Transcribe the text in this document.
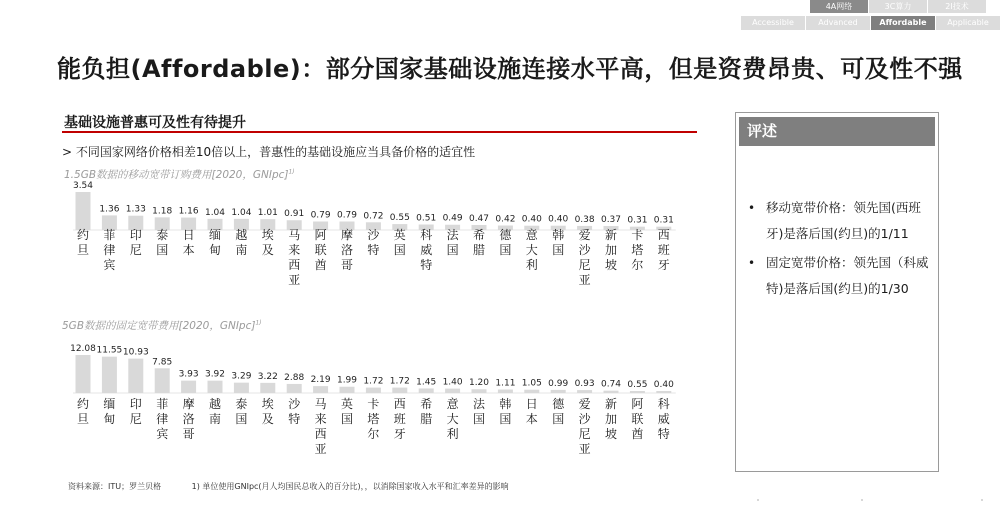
4A网络	3C算力	2I技术
Accessible	Advanced	Affordable	Applicable
能负担(Affordable)：部分国家基础设施连接水平高，但是资费昂贵、可及性不强
基础设施普惠可及性有待提升
> 不同国家网络价格相差10倍以上，普惠性的基础设施应当具备价格的适宜性
1.5GB数据的移动宽带订购费用[2020，GNIpc]$^{1)}$
3.54
约旦
1.36
菲律宾
1.33
印尼
1.18
泰国
1.16
日本
1.04
缅甸
1.04
越南
1.01
埃及
0.91
马来西亚
0.79
阿联酋
0.79
摩洛哥
0.72
沙特
0.55
英国
0.51
科威特
0.49
法国
0.47
希腊
0.42
德国
0.40
意大利
0.40
韩国
0.38
爱沙尼亚
0.37
新加坡
0.31
卡塔尔
0.31
西班牙
5GB数据的固定宽带费用[2020，GNIpc]$^{1)}$
12.08
约旦
11.55
缅甸
10.93
印尼
7.85
菲律宾
3.93
摩洛哥
3.92
越南
3.29
泰国
3.22
埃及
2.88
沙特
2.19
马来西亚
1.99
英国
1.72
卡塔尔
1.72
西班牙
1.45
希腊
1.40
意大利
1.20
法国
1.11
韩国
1.05
日本
0.99
德国
0.93
爱沙尼亚
0.74
新加坡
0.55
阿联酋
0.40
科威特
资料来源：ITU；罗兰贝格	1) 单位使用GNIpc(月人均国民总收入的百分比)，，以消除国家收入水平和汇率差异的影响
评述
• 移动宽带价格：领先国(西班牙)是落后国(约旦)的1/11
• 固定宽带价格：领先国（科威特)是落后国(约旦)的1/30
